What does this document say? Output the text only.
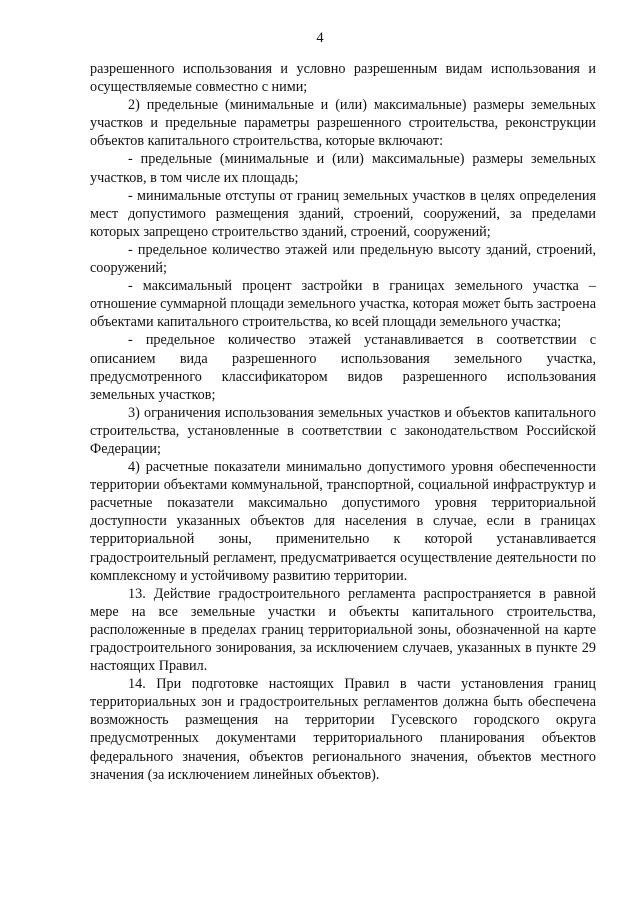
4

разрешенного использования и условно разрешенным видам использования и осуществляемые совместно с ними;

2) предельные (минимальные и (или) максимальные) размеры земельных участков и предельные параметры разрешенного строительства, реконструкции объектов капитального строительства, которые включают:

- предельные (минимальные и (или) максимальные) размеры земельных участков, в том числе их площадь;

- минимальные отступы от границ земельных участков в целях определения мест допустимого размещения зданий, строений, сооружений, за пределами которых запрещено строительство зданий, строений, сооружений;

- предельное количество этажей или предельную высоту зданий, строений, сооружений;

- максимальный процент застройки в границах земельного участка – отношение суммарной площади земельного участка, которая может быть застроена объектами капитального строительства, ко всей площади земельного участка;

- предельное количество этажей устанавливается в соответствии с описанием вида разрешенного использования земельного участка, предусмотренного классификатором видов разрешенного использования земельных участков;

3) ограничения использования земельных участков и объектов капитального строительства, установленные в соответствии с законодательством Российской Федерации;

4) расчетные показатели минимально допустимого уровня обеспеченности территории объектами коммунальной, транспортной, социальной инфраструктур и расчетные показатели максимально допустимого уровня территориальной доступности указанных объектов для населения в случае, если в границах территориальной зоны, применительно к которой устанавливается градостроительный регламент, предусматривается осуществление деятельности по комплексному и устойчивому развитию территории.

13. Действие градостроительного регламента распространяется в равной мере на все земельные участки и объекты капитального строительства, расположенные в пределах границ территориальной зоны, обозначенной на карте градостроительного зонирования, за исключением случаев, указанных в пункте 29 настоящих Правил.

14. При подготовке настоящих Правил в части установления границ территориальных зон и градостроительных регламентов должна быть обеспечена возможность размещения на территории Гусевского городского округа предусмотренных документами территориального планирования объектов федерального значения, объектов регионального значения, объектов местного значения (за исключением линейных объектов).
